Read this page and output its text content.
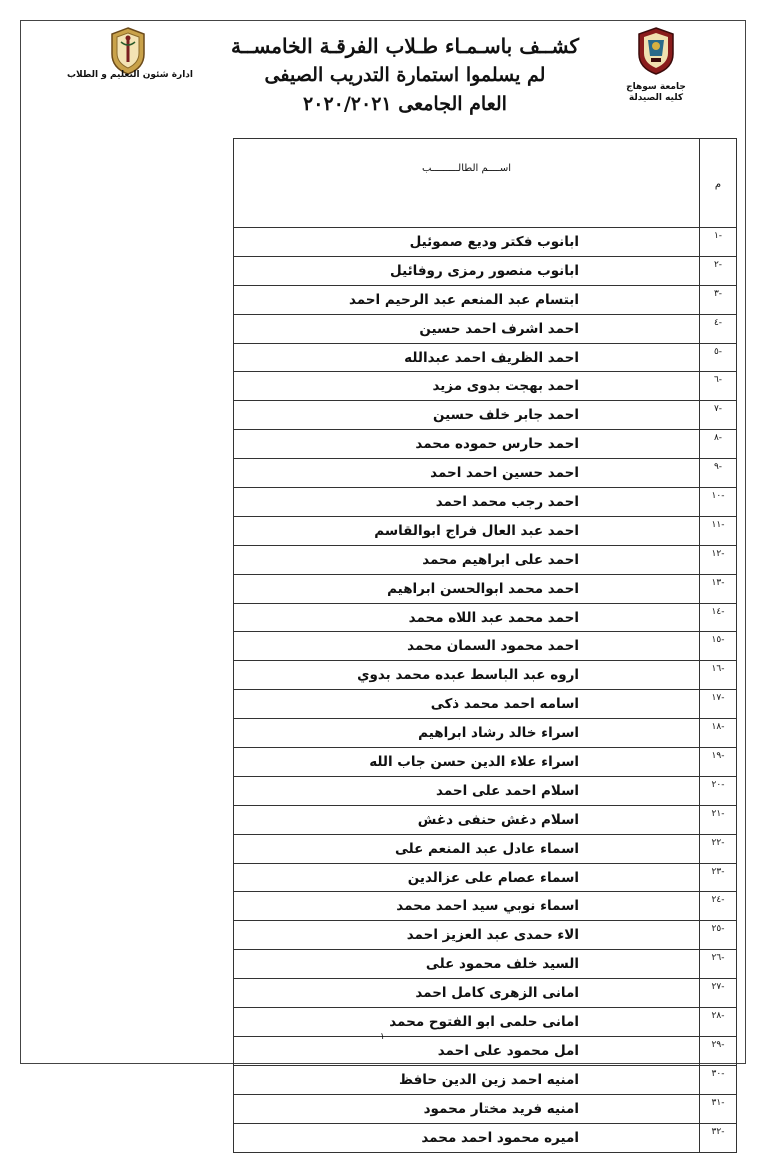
ادارة شئون التعليم و الطلاب
جامعة سوهاج
كليه الصيدلة
كشــف باسـمـاء طـلاب الفرقـة الخامســة
لم يسلموا استمارة التدريب الصيفى
العام الجامعى ٢٠٢٠/٢٠٢١
م	اســــم الطالـــــــــب
-١	ابانوب فكتر وديع صموئيل
-٢	ابانوب منصور رمزى روفائيل
-٣	ابتسام عبد المنعم عبد الرحيم احمد
-٤	احمد اشرف احمد حسين
-٥	احمد الظريف احمد عبدالله
-٦	احمد بهجت بدوى مزيد
-٧	احمد جابر خلف حسين
-٨	احمد حارس حموده محمد
-٩	احمد حسين احمد احمد
-١٠	احمد رجب محمد احمد
-١١	احمد عبد العال فراج ابوالقاسم
-١٢	احمد على ابراهيم محمد
-١٣	احمد محمد ابوالحسن ابراهيم
-١٤	احمد محمد عبد اللاه محمد
-١٥	احمد محمود السمان محمد
-١٦	اروه عبد الباسط عبده محمد بدوي
-١٧	اسامه احمد محمد ذكى
-١٨	اسراء خالد رشاد ابراهيم
-١٩	اسراء علاء الدين حسن جاب الله
-٢٠	اسلام احمد على احمد
-٢١	اسلام دغش حنفى دغش
-٢٢	اسماء عادل عبد المنعم على
-٢٣	اسماء عصام على عزالدين
-٢٤	اسماء نوبي سيد احمد محمد
-٢٥	الاء حمدى عبد العزيز احمد
-٢٦	السيد خلف محمود على
-٢٧	امانى الزهرى كامل احمد
-٢٨	امانى حلمى ابو الفتوح محمد
-٢٩	امل محمود على احمد
-٣٠	امنيه احمد زين الدين حافظ
-٣١	امنيه فريد مختار محمود
-٣٢	اميره محمود احمد محمد
١
